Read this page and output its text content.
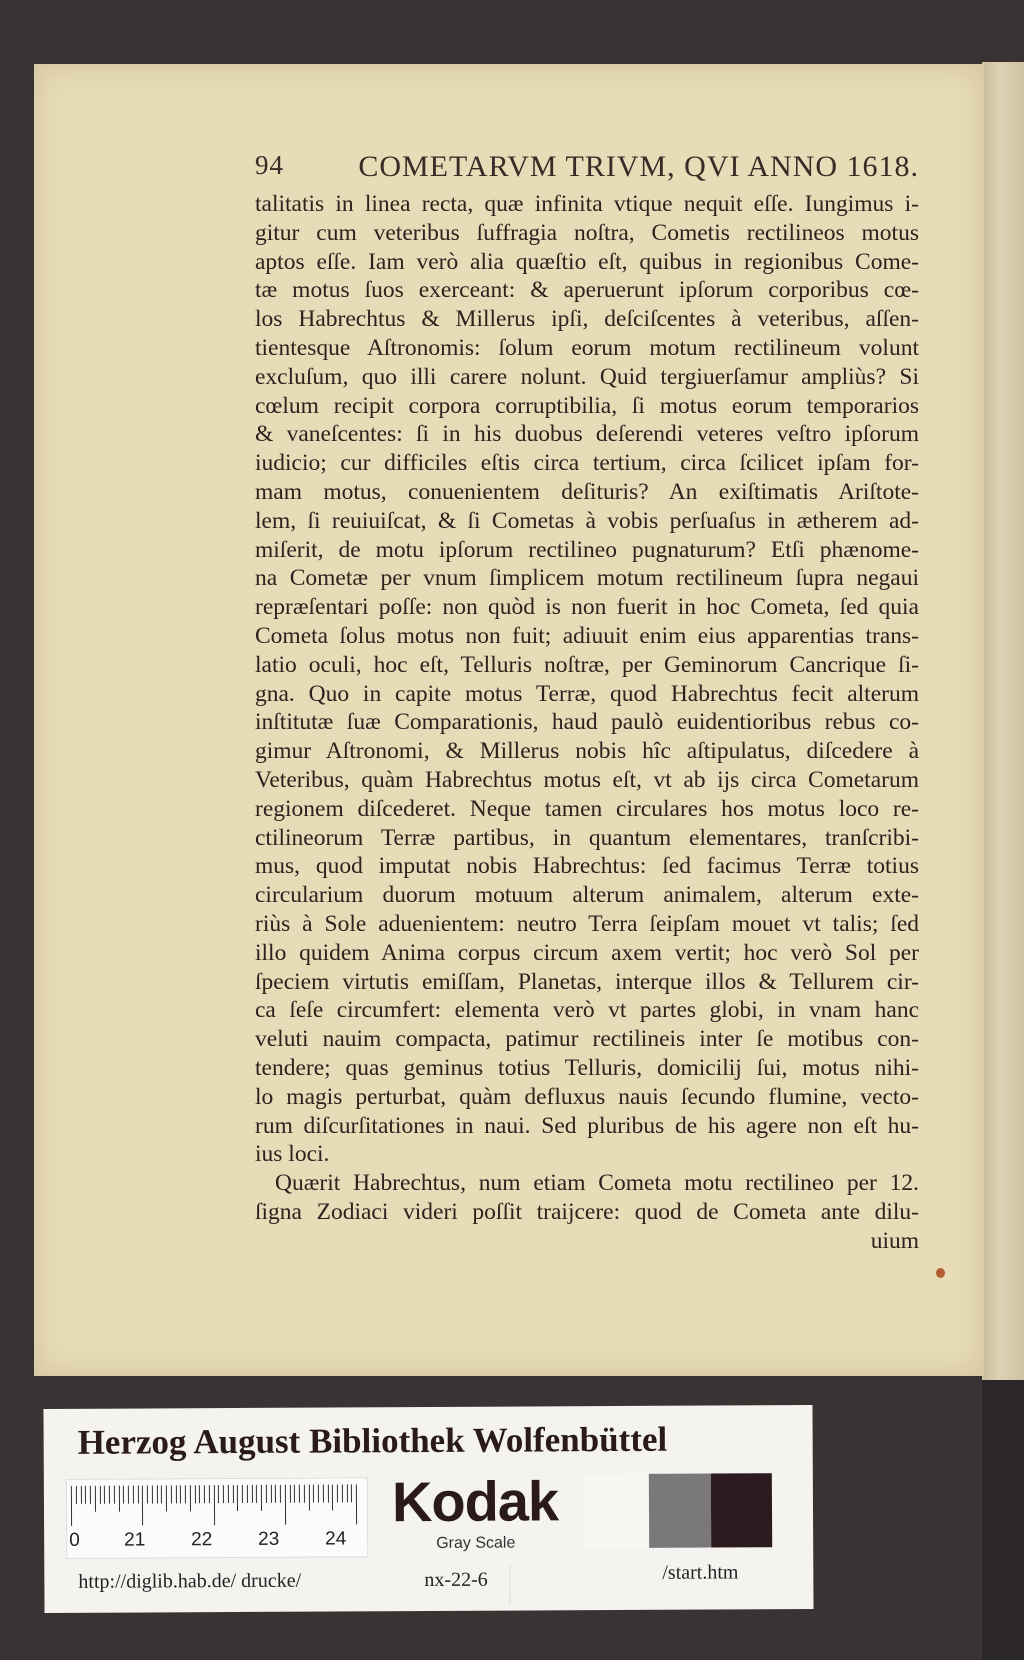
94 COMETARVM TRIVM, QVI ANNO 1618.
talitatis in linea recta, quæ infinita vtique nequit eſſe. Iungimus i-
gitur cum veteribus ſuffragia noſtra, Cometis rectilineos motus
aptos eſſe. Iam verò alia quæſtio eſt, quibus in regionibus Come-
tæ motus ſuos exerceant: & aperuerunt ipſorum corporibus cœ-
los Habrechtus & Millerus ipſi, deſciſcentes à veteribus, aſſen-
tientesque Aſtronomis: ſolum eorum motum rectilineum volunt
excluſum, quo illi carere nolunt. Quid tergiuerſamur ampliùs? Si
cœlum recipit corpora corruptibilia, ſi motus eorum temporarios
& vaneſcentes: ſi in his duobus deſerendi veteres veſtro ipſorum
iudicio; cur difficiles eſtis circa tertium, circa ſcilicet ipſam for-
mam motus, conuenientem deſituris? An exiſtimatis Ariſtote-
lem, ſi reuiuiſcat, & ſi Cometas à vobis perſuaſus in ætherem ad-
miſerit, de motu ipſorum rectilineo pugnaturum? Etſi phænome-
na Cometæ per vnum ſimplicem motum rectilineum ſupra negaui
repræſentari poſſe: non quòd is non fuerit in hoc Cometa, ſed quia
Cometa ſolus motus non fuit; adiuuit enim eius apparentias trans-
latio oculi, hoc eſt, Telluris noſtræ, per Geminorum Cancrique ſi-
gna. Quo in capite motus Terræ, quod Habrechtus fecit alterum
inſtitutæ ſuæ Comparationis, haud paulò euidentioribus rebus co-
gimur Aſtronomi, & Millerus nobis hîc aſtipulatus, diſcedere à
Veteribus, quàm Habrechtus motus eſt, vt ab ijs circa Cometarum
regionem diſcederet. Neque tamen circulares hos motus loco re-
ctilineorum Terræ partibus, in quantum elementares, tranſcribi-
mus, quod imputat nobis Habrechtus: ſed facimus Terræ totius
circularium duorum motuum alterum animalem, alterum exte-
riùs à Sole aduenientem: neutro Terra ſeipſam mouet vt talis; ſed
illo quidem Anima corpus circum axem vertit; hoc verò Sol per
ſpeciem virtutis emiſſam, Planetas, interque illos & Tellurem cir-
ca ſeſe circumfert: elementa verò vt partes globi, in vnam hanc
veluti nauim compacta, patimur rectilineis inter ſe motibus con-
tendere; quas geminus totius Telluris, domicilij ſui, motus nihi-
lo magis perturbat, quàm defluxus nauis ſecundo flumine, vecto-
rum diſcurſitationes in naui. Sed pluribus de his agere non eſt hu-
ius loci.
Quærit Habrechtus, num etiam Cometa motu rectilineo per 12.
ſigna Zodiaci videri poſſit traijcere: quod de Cometa ante dilu-
uium
Herzog August Bibliothek Wolfenbüttel
0 21 22 23 24
Kodak
Gray Scale
http://diglib.hab.de/ drucke/	nx-22-6	/start.htm
